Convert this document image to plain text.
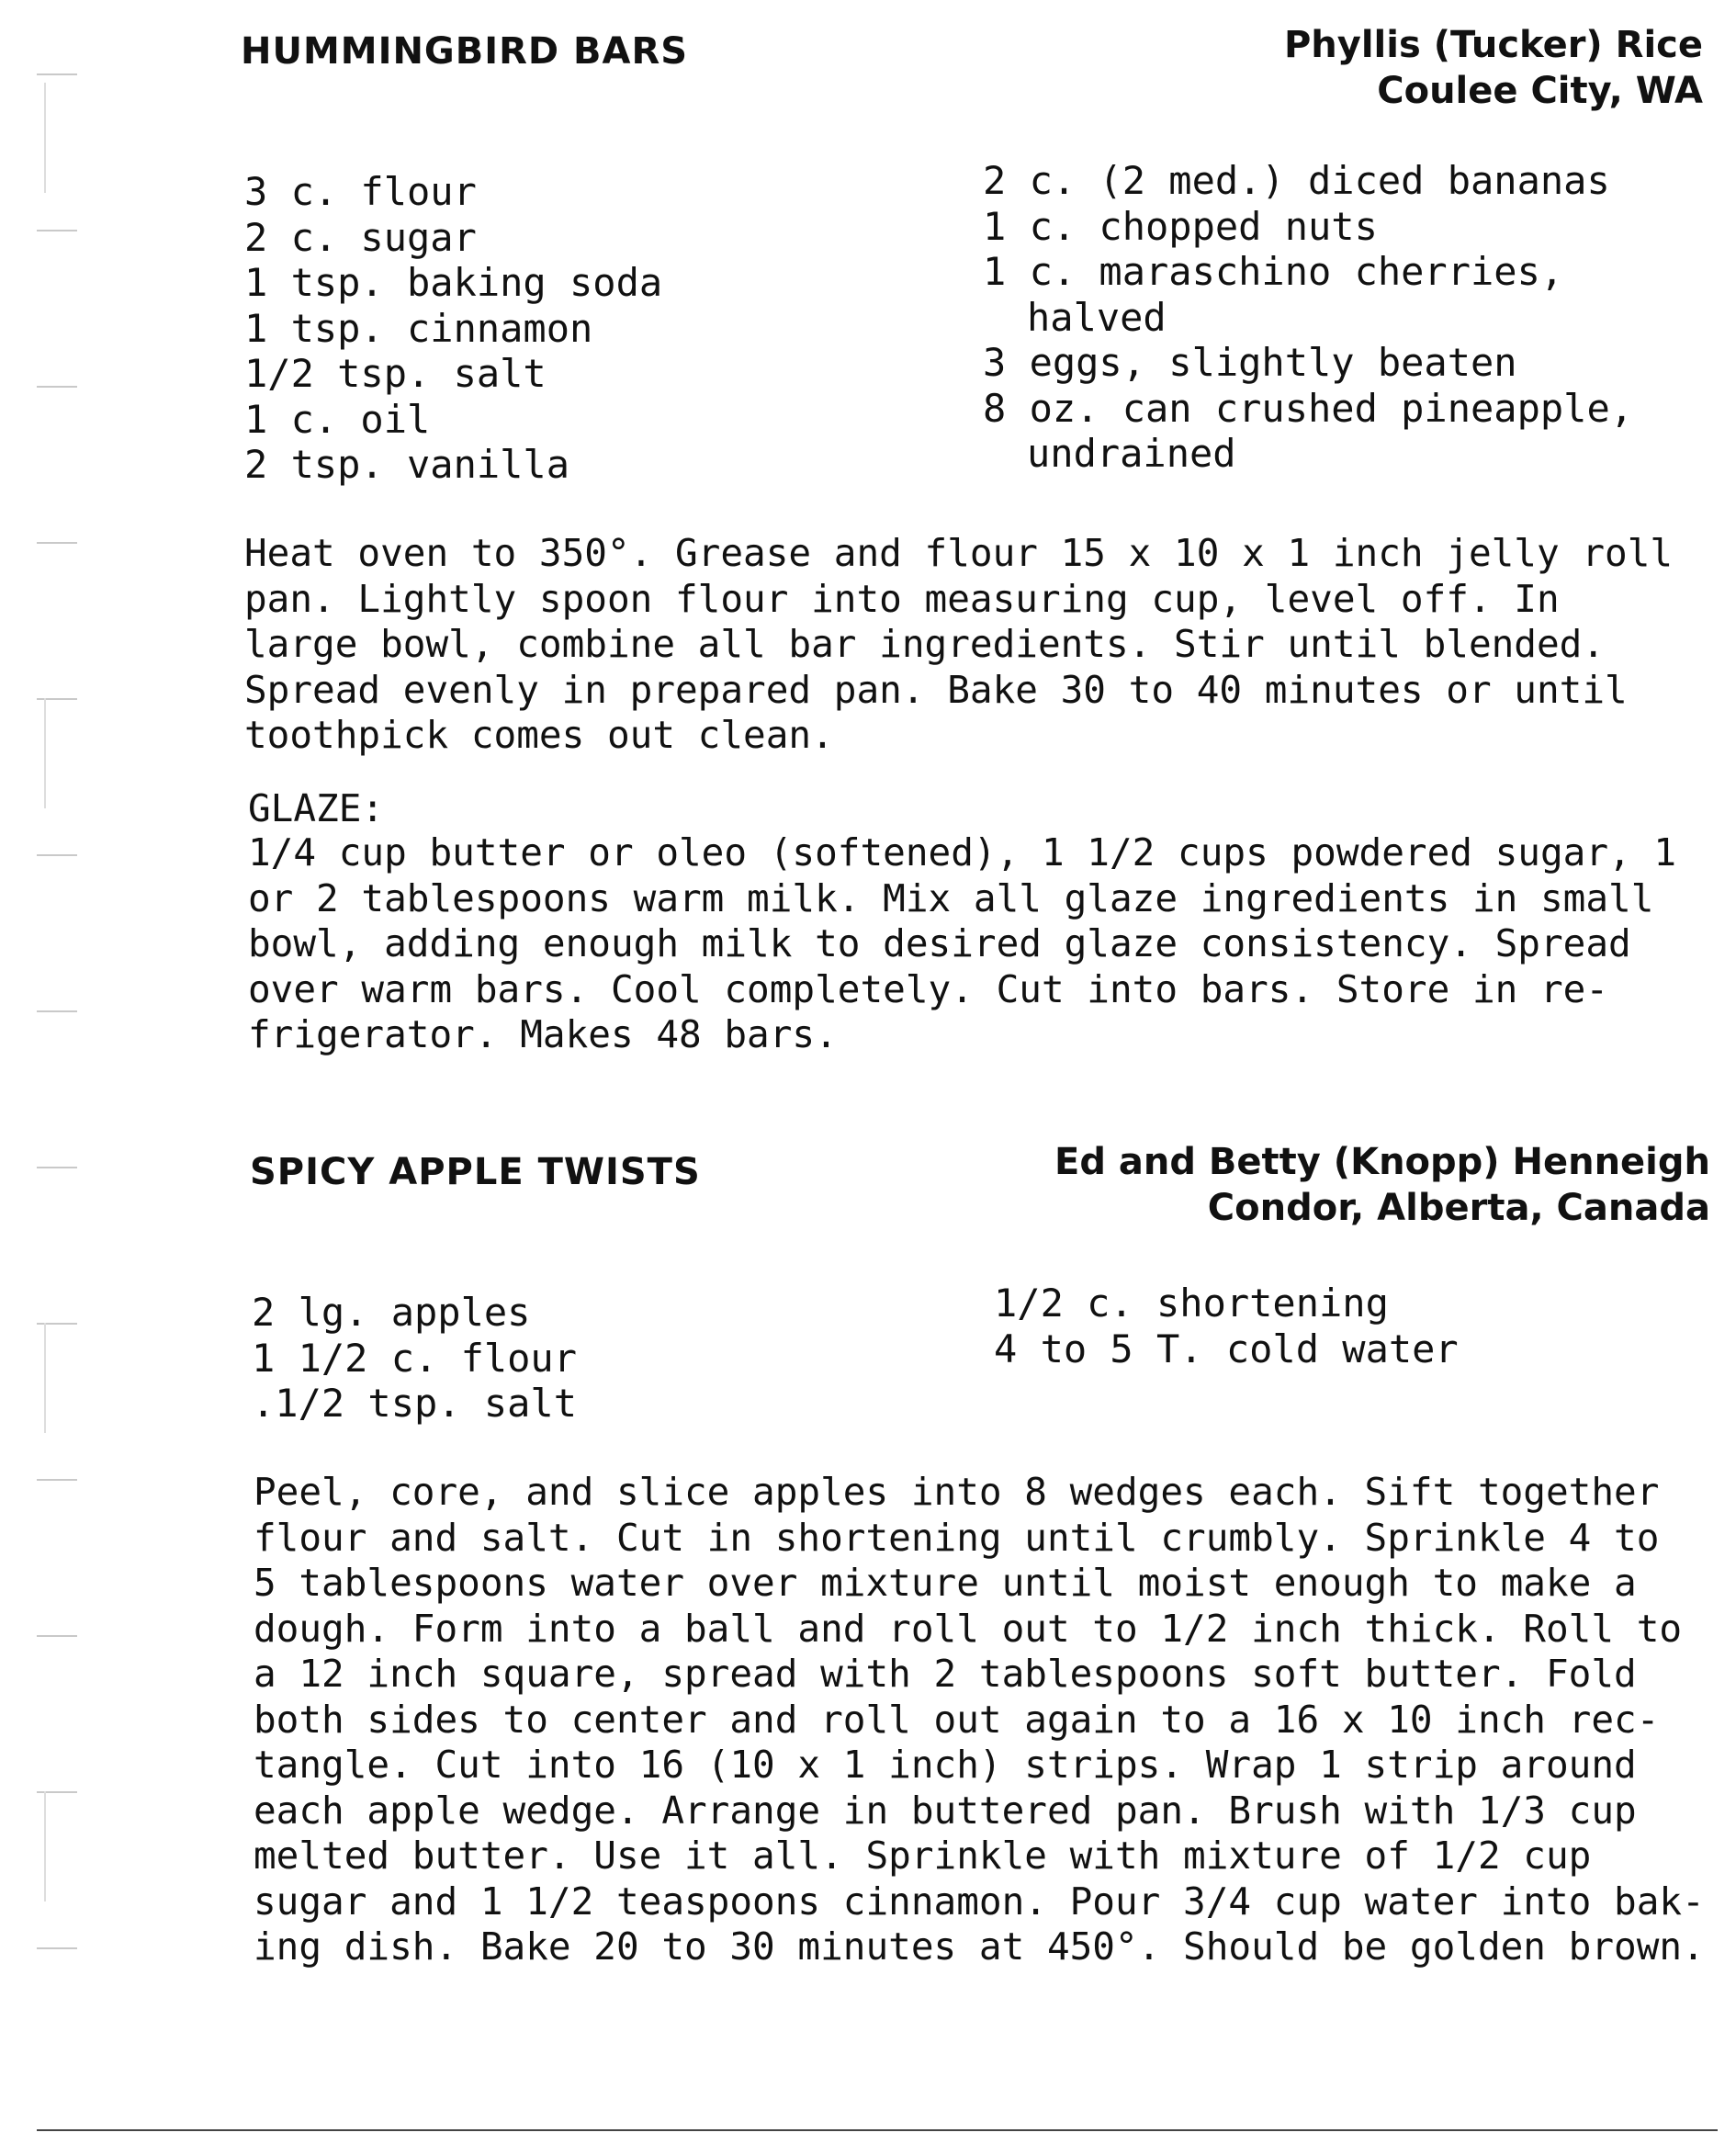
HUMMINGBIRD BARS	Phyllis (Tucker) Rice
Coulee City, WA
3 c. flour
2 c. sugar
1 tsp. baking soda
1 tsp. cinnamon
1/2 tsp. salt
1 c. oil
2 tsp. vanilla
2 c. (2 med.) diced bananas
1 c. chopped nuts
1 c. maraschino cherries,
halved
3 eggs, slightly beaten
8 oz. can crushed pineapple,
undrained
Heat oven to 350°. Grease and flour 15 x 10 x 1 inch jelly roll
pan. Lightly spoon flour into measuring cup, level off. In
large bowl, combine all bar ingredients. Stir until blended.
Spread evenly in prepared pan. Bake 30 to 40 minutes or until
toothpick comes out clean.
GLAZE:
1/4 cup butter or oleo (softened), 1 1/2 cups powdered sugar, 1
or 2 tablespoons warm milk. Mix all glaze ingredients in small
bowl, adding enough milk to desired glaze consistency. Spread
over warm bars. Cool completely. Cut into bars. Store in re-
frigerator. Makes 48 bars.
SPICY APPLE TWISTS	Ed and Betty (Knopp) Henneigh
Condor, Alberta, Canada
2 lg. apples
1 1/2 c. flour
.1/2 tsp. salt
1/2 c. shortening
4 to 5 T. cold water
Peel, core, and slice apples into 8 wedges each. Sift together
flour and salt. Cut in shortening until crumbly. Sprinkle 4 to
5 tablespoons water over mixture until moist enough to make a
dough. Form into a ball and roll out to 1/2 inch thick. Roll to
a 12 inch square, spread with 2 tablespoons soft butter. Fold
both sides to center and roll out again to a 16 x 10 inch rec-
tangle. Cut into 16 (10 x 1 inch) strips. Wrap 1 strip around
each apple wedge. Arrange in buttered pan. Brush with 1/3 cup
melted butter. Use it all. Sprinkle with mixture of 1/2 cup
sugar and 1 1/2 teaspoons cinnamon. Pour 3/4 cup water into bak-
ing dish. Bake 20 to 30 minutes at 450°. Should be golden brown.
